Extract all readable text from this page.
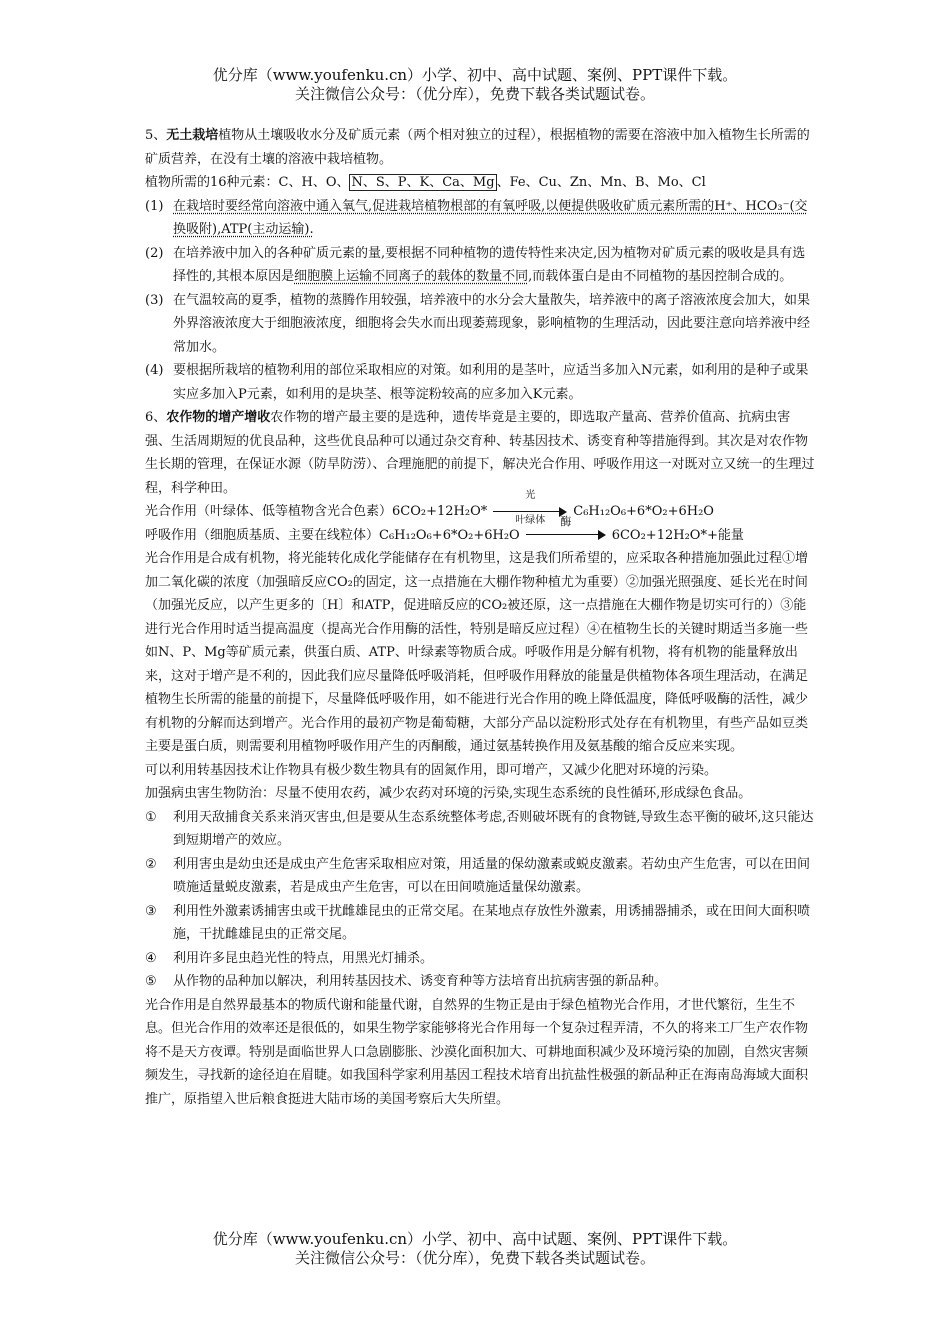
优分库（www.youfenku.cn）小学、初中、高中试题、案例、PPT课件下载。

关注微信公众号：（优分库），免费下载各类试题试卷。

5、无土栽培植物从土壤吸收水分及矿质元素（两个相对独立的过程），根据植物的需要在溶液中加入植物生长所需的矿质营养，在没有土壤的溶液中栽培植物。

植物所需的16种元素：C、H、O、 N、S、P、K、Ca、Mg 、Fe、Cu、Zn、Mn、B、Mo、Cl

(1) 在栽培时要经常向溶液中通入氧气,促进栽培植物根部的有氧呼吸,以便提供吸收矿质元素所需的H⁺、HCO₃⁻(交换吸附),ATP(主动运输).

(2) 在培养液中加入的各种矿质元素的量,要根据不同种植物的遗传特性来决定,因为植物对矿质元素的吸收是具有选择性的,其根本原因是细胞膜上运输不同离子的载体的数量不同,而载体蛋白是由不同植物的基因控制合成的。

(3) 在气温较高的夏季，植物的蒸腾作用较强，培养液中的水分会大量散失，培养液中的离子溶液浓度会加大，如果外界溶液浓度大于细胞液浓度，细胞将会失水而出现萎蔫现象，影响植物的生理活动，因此要注意向培养液中经常加水。

(4) 要根据所栽培的植物利用的部位采取相应的对策。如利用的是茎叶，应适当多加入N元素，如利用的是种子或果实应多加入P元素，如利用的是块茎、根等淀粉较高的应多加入K元素。

6、农作物的增产增收农作物的增产最主要的是选种，遗传毕竟是主要的，即选取产量高、营养价值高、抗病虫害强、生活周期短的优良品种，这些优良品种可以通过杂交育种、转基因技术、诱变育种等措施得到。其次是对农作物生长期的管理，在保证水源（防旱防涝）、合理施肥的前提下，解决光合作用、呼吸作用这一对既对立又统一的生理过程，科学种田。

光合作用（叶绿体、低等植物含光合色素）6CO₂+12H₂O*
光
叶绿体
C₆H₁₂O₆+6*O₂+6H₂O

呼吸作用（细胞质基质、主要在线粒体）C₆H₁₂O₆+6*O₂+6H₂O
酶
6CO₂+12H₂O*+能量

光合作用是合成有机物，将光能转化成化学能储存在有机物里，这是我们所希望的，应采取各种措施加强此过程①增加二氧化碳的浓度（加强暗反应CO₂的固定，这一点措施在大棚作物种植尤为重要）②加强光照强度、延长光在时间（加强光反应，以产生更多的〔H〕和ATP，促进暗反应的CO₂被还原，这一点措施在大棚作物是切实可行的）③能进行光合作用时适当提高温度（提高光合作用酶的活性，特别是暗反应过程）④在植物生长的关键时期适当多施一些如N、P、Mg等矿质元素，供蛋白质、ATP、叶绿素等物质合成。呼吸作用是分解有机物，将有机物的能量释放出来，这对于增产是不利的，因此我们应尽量降低呼吸消耗，但呼吸作用释放的能量是供植物体各项生理活动，在满足植物生长所需的能量的前提下，尽量降低呼吸作用，如不能进行光合作用的晚上降低温度，降低呼吸酶的活性，减少有机物的分解而达到增产。光合作用的最初产物是葡萄糖，大部分产品以淀粉形式处存在有机物里，有些产品如豆类主要是蛋白质，则需要利用植物呼吸作用产生的丙酮酸，通过氨基转换作用及氨基酸的缩合反应来实现。

可以利用转基因技术让作物具有极少数生物具有的固氮作用，即可增产，又减少化肥对环境的污染。

加强病虫害生物防治：尽量不使用农药，减少农药对环境的污染,实现生态系统的良性循环,形成绿色食品。

① 利用天敌捕食关系来消灭害虫,但是要从生态系统整体考虑,否则破坏既有的食物链,导致生态平衡的破坏,这只能达到短期增产的效应。

② 利用害虫是幼虫还是成虫产生危害采取相应对策，用适量的保幼激素或蜕皮激素。若幼虫产生危害，可以在田间喷施适量蜕皮激素，若是成虫产生危害，可以在田间喷施适量保幼激素。

③ 利用性外激素诱捕害虫或干扰雌雄昆虫的正常交尾。在某地点存放性外激素，用诱捕器捕杀，或在田间大面积喷施，干扰雌雄昆虫的正常交尾。

④ 利用许多昆虫趋光性的特点，用黑光灯捕杀。

⑤ 从作物的品种加以解决，利用转基因技术、诱变育种等方法培育出抗病害强的新品种。

光合作用是自然界最基本的物质代谢和能量代谢，自然界的生物正是由于绿色植物光合作用，才世代繁衍，生生不息。但光合作用的效率还是很低的，如果生物学家能够将光合作用每一个复杂过程弄清，不久的将来工厂生产农作物将不是天方夜谭。特别是面临世界人口急剧膨胀、沙漠化面积加大、可耕地面积减少及环境污染的加剧，自然灾害频频发生，寻找新的途径迫在眉睫。如我国科学家利用基因工程技术培育出抗盐性极强的新品种正在海南岛海域大面积推广，原指望入世后粮食挺进大陆市场的美国考察后大失所望。

优分库（www.youfenku.cn）小学、初中、高中试题、案例、PPT课件下载。

关注微信公众号：（优分库），免费下载各类试题试卷。
